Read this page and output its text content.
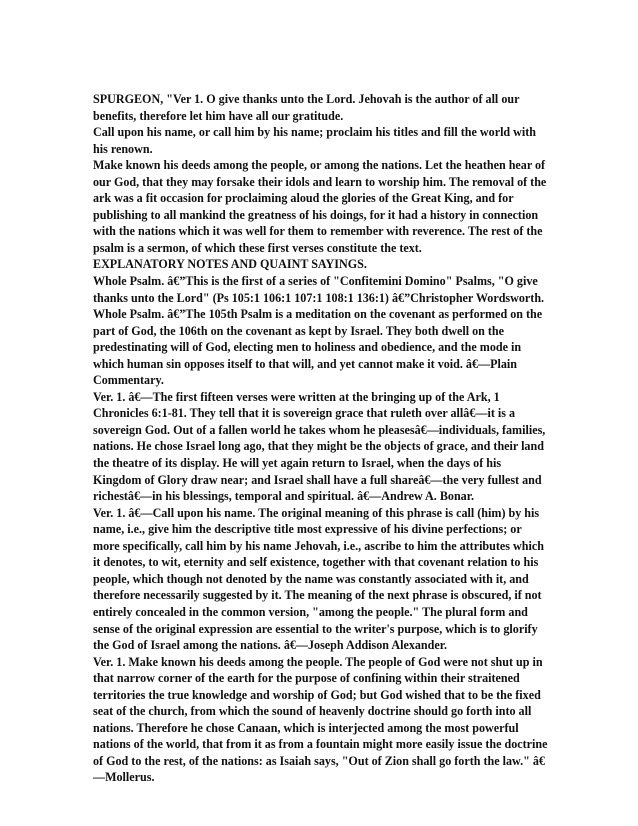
SPURGEON, "Ver 1. O give thanks unto the Lord. Jehovah is the author of all our benefits, therefore let him have all our gratitude.

Call upon his name, or call him by his name; proclaim his titles and fill the world with his renown.

Make known his deeds among the people, or among the nations. Let the heathen hear of our God, that they may forsake their idols and learn to worship him. The removal of the ark was a fit occasion for proclaiming aloud the glories of the Great King, and for publishing to all mankind the greatness of his doings, for it had a history in connection with the nations which it was well for them to remember with reverence. The rest of the psalm is a sermon, of which these first verses constitute the text.

EXPLANATORY NOTES AND QUAINT SAYINGS.

Whole Psalm. â€”This is the first of a series of "Confitemini Domino" Psalms, "O give thanks unto the Lord" (Ps 105:1 106:1 107:1 108:1 136:1) â€”Christopher Wordsworth.

Whole Psalm. â€”The 105th Psalm is a meditation on the covenant as performed on the part of God, the 106th on the covenant as kept by Israel. They both dwell on the predestinating will of God, electing men to holiness and obedience, and the mode in which human sin opposes itself to that will, and yet cannot make it void. â€—Plain Commentary.

Ver. 1. â€—The first fifteen verses were written at the bringing up of the Ark, 1 Chronicles 6:1-81. They tell that it is sovereign grace that ruleth over allâ€—it is a sovereign God. Out of a fallen world he takes whom he pleasesâ€—individuals, families, nations. He chose Israel long ago, that they might be the objects of grace, and their land the theatre of its display. He will yet again return to Israel, when the days of his Kingdom of Glory draw near; and Israel shall have a full shareâ€—the very fullest and richestâ€—in his blessings, temporal and spiritual. â€—Andrew A. Bonar.

Ver. 1. â€—Call upon his name. The original meaning of this phrase is call (him) by his name, i.e., give him the descriptive title most expressive of his divine perfections; or more specifically, call him by his name Jehovah, i.e., ascribe to him the attributes which it denotes, to wit, eternity and self existence, together with that covenant relation to his people, which though not denoted by the name was constantly associated with it, and therefore necessarily suggested by it. The meaning of the next phrase is obscured, if not entirely concealed in the common version, "among the people." The plural form and sense of the original expression are essential to the writer's purpose, which is to glorify the God of Israel among the nations. â€—Joseph Addison Alexander.

Ver. 1. Make known his deeds among the people. The people of God were not shut up in that narrow corner of the earth for the purpose of confining within their straitened territories the true knowledge and worship of God; but God wished that to be the fixed seat of the church, from which the sound of heavenly doctrine should go forth into all nations. Therefore he chose Canaan, which is interjected among the most powerful nations of the world, that from it as from a fountain might more easily issue the doctrine of God to the rest, of the nations: as Isaiah says, "Out of Zion shall go forth the law." â€—Mollerus.
